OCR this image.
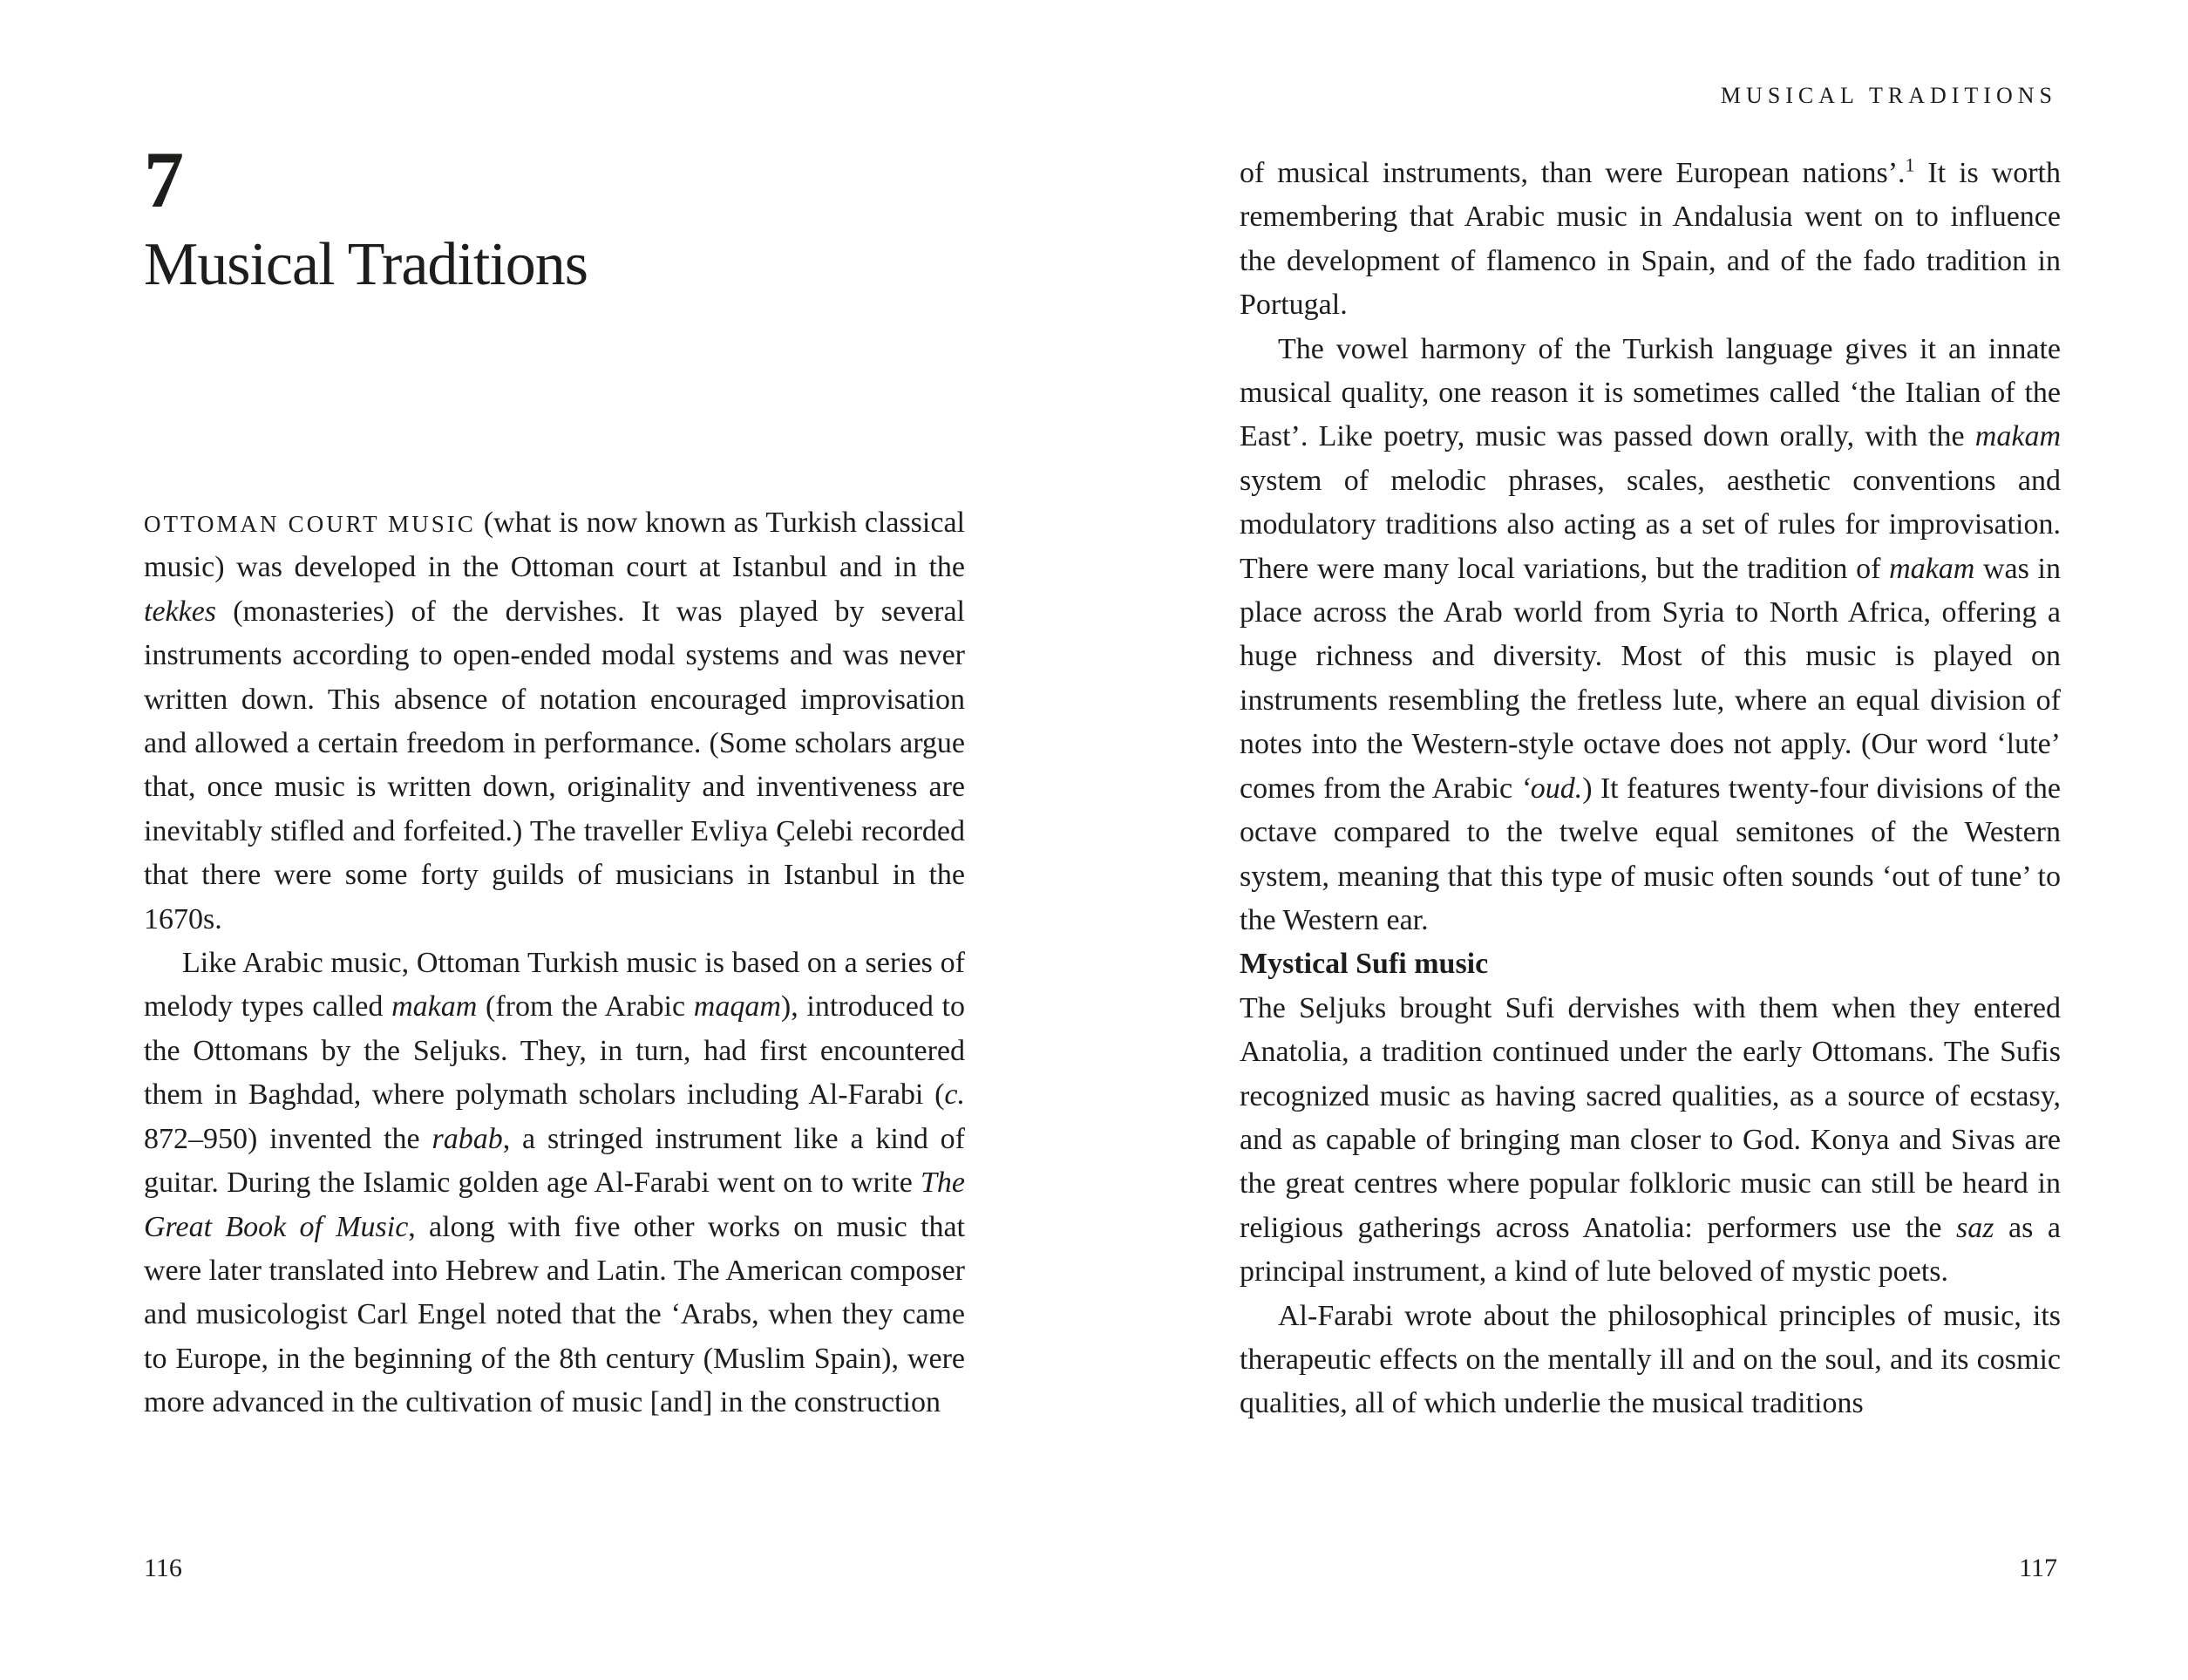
7
Musical Traditions

OTTOMAN COURT MUSIC (what is now known as Turkish classical music) was developed in the Ottoman court at Istanbul and in the tekkes (monasteries) of the dervishes. It was played by several instruments according to open-ended modal systems and was never written down. This absence of notation encouraged improvisation and allowed a certain freedom in performance. (Some scholars argue that, once music is written down, originality and inventiveness are inevitably stifled and forfeited.) The traveller Evliya Çelebi recorded that there were some forty guilds of musicians in Istanbul in the 1670s.

Like Arabic music, Ottoman Turkish music is based on a series of melody types called makam (from the Arabic maqam), introduced to the Ottomans by the Seljuks. They, in turn, had first encountered them in Baghdad, where polymath scholars including Al-Farabi (c. 872–950) invented the rabab, a stringed instrument like a kind of guitar. During the Islamic golden age Al-Farabi went on to write The Great Book of Music, along with five other works on music that were later translated into Hebrew and Latin. The American composer and musicologist Carl Engel noted that the ‘Arabs, when they came to Europe, in the beginning of the 8th century (Muslim Spain), were more advanced in the cultivation of music [and] in the construction

116
MUSICAL TRADITIONS

of musical instruments, than were European nations’.$^1$ It is worth remembering that Arabic music in Andalusia went on to influence the development of flamenco in Spain, and of the fado tradition in Portugal.

The vowel harmony of the Turkish language gives it an innate musical quality, one reason it is sometimes called ‘the Italian of the East’. Like poetry, music was passed down orally, with the makam system of melodic phrases, scales, aesthetic conventions and modulatory traditions also acting as a set of rules for improvisation. There were many local variations, but the tradition of makam was in place across the Arab world from Syria to North Africa, offering a huge richness and diversity. Most of this music is played on instruments resembling the fretless lute, where an equal division of notes into the Western-style octave does not apply. (Our word ‘lute’ comes from the Arabic ‘oud.) It features twenty-four divisions of the octave compared to the twelve equal semitones of the Western system, meaning that this type of music often sounds ‘out of tune’ to the Western ear.

Mystical Sufi music

The Seljuks brought Sufi dervishes with them when they entered Anatolia, a tradition continued under the early Ottomans. The Sufis recognized music as having sacred qualities, as a source of ecstasy, and as capable of bringing man closer to God. Konya and Sivas are the great centres where popular folkloric music can still be heard in religious gatherings across Anatolia: performers use the saz as a principal instrument, a kind of lute beloved of mystic poets.

Al-Farabi wrote about the philosophical principles of music, its therapeutic effects on the mentally ill and on the soul, and its cosmic qualities, all of which underlie the musical traditions

117
